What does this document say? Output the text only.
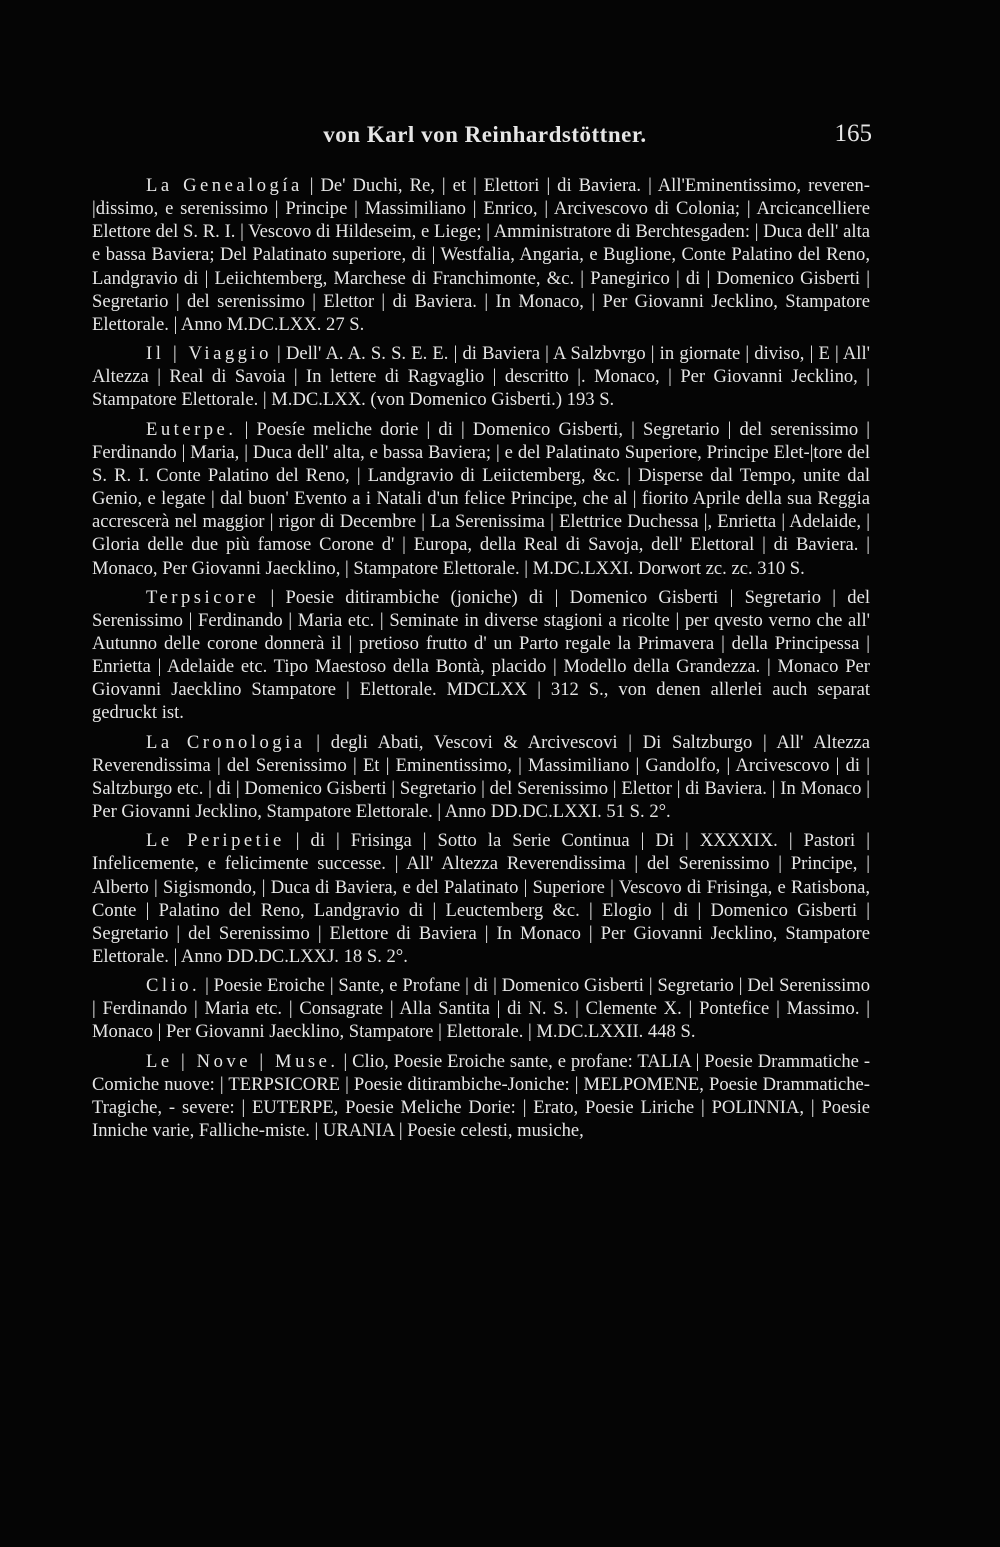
von Karl von Reinhardstöttner.	165

La Genealogía | De' Duchi, Re, | et | Elettori | di Baviera. | All'Eminentissimo, reveren-|dissimo, e serenissimo | Principe | Massimiliano | Enrico, | Arcivescovo di Colonia; | Arcicancelliere Elettore del S. R. I. | Vescovo di Hildeseim, e Liege; | Amministratore di Berchtesgaden: | Duca dell' alta e bassa Baviera; Del Palatinato superiore, di | Westfalia, Angaria, e Buglione, Conte Palatino del Reno, Landgravio di | Leiichtemberg, Marchese di Franchimonte, &c. | Panegirico | di | Domenico Gisberti | Segretario | del serenissimo | Elettor | di Baviera. | In Monaco, | Per Giovanni Jecklino, Stampatore Elettorale. | Anno M.DC.LXX. 27 S.

Il | Viaggio | Dell' A. A. S. S. E. E. | di Baviera | A Salzbvrgo | in giornate | diviso, | E | All' Altezza | Real di Savoia | In lettere di Ragvaglio | descritto |. Monaco, | Per Giovanni Jecklino, | Stampatore Elettorale. | M.DC.LXX. (von Domenico Gisberti.) 193 S.

Euterpe. | Poesíe meliche dorie | di | Domenico Gisberti, | Segretario | del serenissimo | Ferdinando | Maria, | Duca dell' alta, e bassa Baviera; | e del Palatinato Superiore, Principe Elet-|tore del S. R. I. Conte Palatino del Reno, | Landgravio di Leiictemberg, &c. | Disperse dal Tempo, unite dal Genio, e legate | dal buon' Evento a i Natali d'un felice Principe, che al | fiorito Aprile della sua Reggia accrescerà nel maggior | rigor di Decembre | La Serenissima | Elettrice Duchessa |, Enrietta | Adelaide, | Gloria delle due più famose Corone d' | Europa, della Real di Savoja, dell' Elettoral | di Baviera. | Monaco, Per Giovanni Jaecklino, | Stampatore Elettorale. | M.DC.LXXI. Dorwort zc. zc. 310 S.

Terpsicore | Poesie ditirambiche (joniche) di | Domenico Gisberti | Segretario | del Serenissimo | Ferdinando | Maria etc. | Seminate in diverse stagioni a ricolte | per qvesto verno che all' Autunno delle corone donnerà il | pretioso frutto d' un Parto regale la Primavera | della Principessa | Enrietta | Adelaide etc. Tipo Maestoso della Bontà, placido | Modello della Grandezza. | Monaco Per Giovanni Jaecklino Stampatore | Elettorale. MDCLXX | 312 S., von denen allerlei auch separat gedruckt ist.

La Cronologia | degli Abati, Vescovi & Arcivescovi | Di Saltzburgo | All' Altezza Reverendissima | del Serenissimo | Et | Eminentissimo, | Massimiliano | Gandolfo, | Arcivescovo | di | Saltzburgo etc. | di | Domenico Gisberti | Segretario | del Serenissimo | Elettor | di Baviera. | In Monaco | Per Giovanni Jecklino, Stampatore Elettorale. | Anno DD.DC.LXXI. 51 S. 2°.

Le Peripetie | di | Frisinga | Sotto la Serie Continua | Di | XXXXIX. | Pastori | Infelicemente, e felicimente successe. | All' Altezza Reverendissima | del Serenissimo | Principe, | Alberto | Sigismondo, | Duca di Baviera, e del Palatinato | Superiore | Vescovo di Frisinga, e Ratisbona, Conte | Palatino del Reno, Landgravio di | Leuctemberg &c. | Elogio | di | Domenico Gisberti | Segretario | del Serenissimo | Elettore di Baviera | In Monaco | Per Giovanni Jecklino, Stampatore Elettorale. | Anno DD.DC.LXXJ. 18 S. 2°.

Clio. | Poesie Eroiche | Sante, e Profane | di | Domenico Gisberti | Segretario | Del Serenissimo | Ferdinando | Maria etc. | Consagrate | Alla Santita | di N. S. | Clemente X. | Pontefice | Massimo. | Monaco | Per Giovanni Jaecklino, Stampatore | Elettorale. | M.DC.LXXII. 448 S.

Le | Nove | Muse. | Clio, Poesie Eroiche sante, e profane: TALIA | Poesie Drammatiche - Comiche nuove: | TERPSICORE | Poesie ditirambiche-Joniche: | MELPOMENE, Poesie Drammatiche-Tragiche, - severe: | EUTERPE, Poesie Meliche Dorie: | Erato, Poesie Liriche | POLINNIA, | Poesie Inniche varie, Falliche-miste. | URANIA | Poesie celesti, musiche,
